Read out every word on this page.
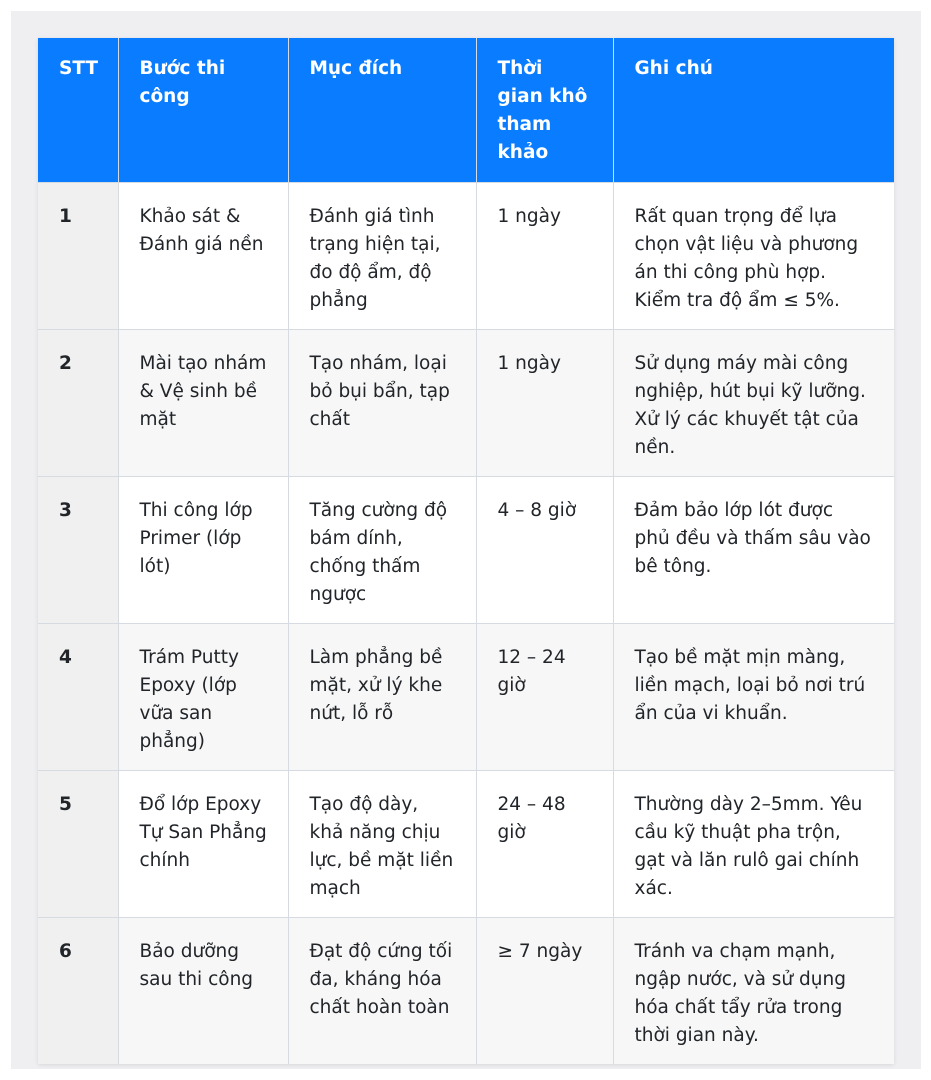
STT	Bước thi công	Mục đích	Thời gian khô tham khảo	Ghi chú
1	Khảo sát & Đánh giá nền	Đánh giá tình trạng hiện tại, đo độ ẩm, độ phẳng	1 ngày	Rất quan trọng để lựa chọn vật liệu và phương án thi công phù hợp. Kiểm tra độ ẩm ≤ 5%.
2	Mài tạo nhám & Vệ sinh bề mặt	Tạo nhám, loại bỏ bụi bẩn, tạp chất	1 ngày	Sử dụng máy mài công nghiệp, hút bụi kỹ lưỡng. Xử lý các khuyết tật của nền.
3	Thi công lớp Primer (lớp lót)	Tăng cường độ bám dính, chống thấm ngược	4 – 8 giờ	Đảm bảo lớp lót được phủ đều và thấm sâu vào bê tông.
4	Trám Putty Epoxy (lớp vữa san phẳng)	Làm phẳng bề mặt, xử lý khe nứt, lỗ rỗ	12 – 24 giờ	Tạo bề mặt mịn màng, liền mạch, loại bỏ nơi trú ẩn của vi khuẩn.
5	Đổ lớp Epoxy Tự San Phẳng chính	Tạo độ dày, khả năng chịu lực, bề mặt liền mạch	24 – 48 giờ	Thường dày 2–5mm. Yêu cầu kỹ thuật pha trộn, gạt và lăn rulô gai chính xác.
6	Bảo dưỡng sau thi công	Đạt độ cứng tối đa, kháng hóa chất hoàn toàn	≥ 7 ngày	Tránh va chạm mạnh, ngập nước, và sử dụng hóa chất tẩy rửa trong thời gian này.
